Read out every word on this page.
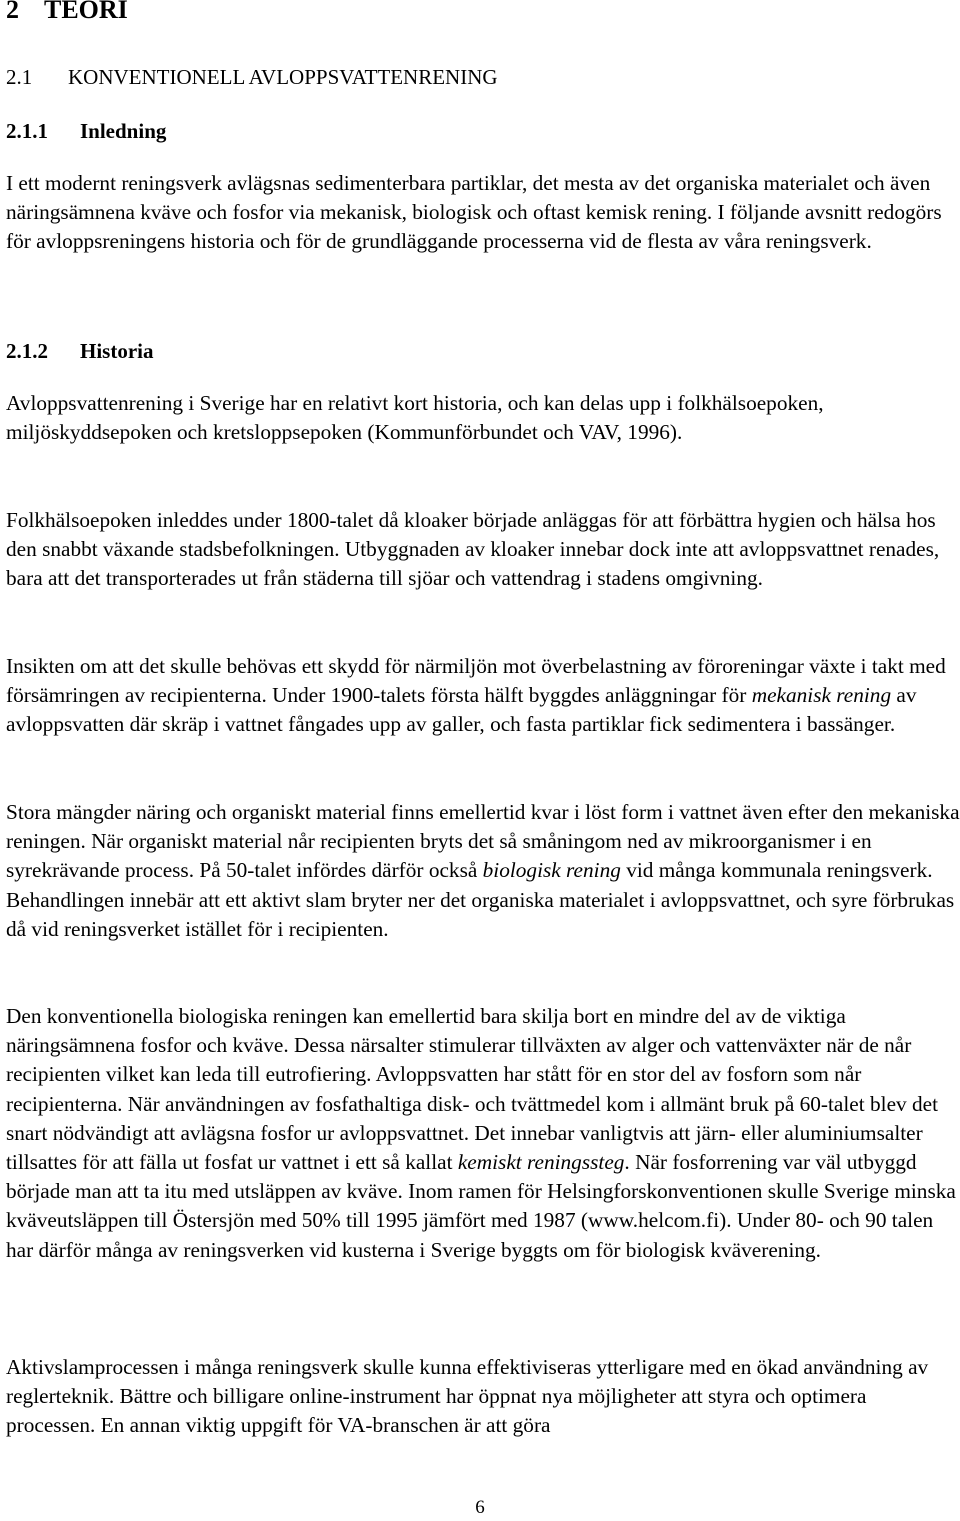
2 TEORI
2.1 KONVENTIONELL AVLOPPSVATTENRENING
2.1.1 Inledning

I ett modernt reningsverk avlägsnas sedimenterbara partiklar, det mesta av det organiska materialet och även näringsämnena kväve och fosfor via mekanisk, biologisk och oftast kemisk rening. I följande avsnitt redogörs för avloppsreningens historia och för de grundläggande processerna vid de flesta av våra reningsverk.

2.1.2 Historia

Avloppsvattenrening i Sverige har en relativt kort historia, och kan delas upp i folkhälsoepoken, miljöskyddsepoken och kretsloppsepoken (Kommunförbundet och VAV, 1996).

Folkhälsoepoken inleddes under 1800-talet då kloaker började anläggas för att förbättra hygien och hälsa hos den snabbt växande stadsbefolkningen. Utbyggnaden av kloaker innebar dock inte att avloppsvattnet renades, bara att det transporterades ut från städerna till sjöar och vattendrag i stadens omgivning.

Insikten om att det skulle behövas ett skydd för närmiljön mot överbelastning av föroreningar växte i takt med försämringen av recipienterna. Under 1900-talets första hälft byggdes anläggningar för mekanisk rening av avloppsvatten där skräp i vattnet fångades upp av galler, och fasta partiklar fick sedimentera i bassänger.

Stora mängder näring och organiskt material finns emellertid kvar i löst form i vattnet även efter den mekaniska reningen. När organiskt material når recipienten bryts det så småningom ned av mikroorganismer i en syrekrävande process. På 50-talet infördes därför också biologisk rening vid många kommunala reningsverk. Behandlingen innebär att ett aktivt slam bryter ner det organiska materialet i avloppsvattnet, och syre förbrukas då vid reningsverket istället för i recipienten.

Den konventionella biologiska reningen kan emellertid bara skilja bort en mindre del av de viktiga näringsämnena fosfor och kväve. Dessa närsalter stimulerar tillväxten av alger och vattenväxter när de når recipienten vilket kan leda till eutrofiering. Avloppsvatten har stått för en stor del av fosforn som når recipienterna. När användningen av fosfathaltiga disk- och tvättmedel kom i allmänt bruk på 60-talet blev det snart nödvändigt att avlägsna fosfor ur avloppsvattnet. Det innebar vanligtvis att järn- eller aluminiumsalter tillsattes för att fälla ut fosfat ur vattnet i ett så kallat kemiskt reningssteg. När fosforrening var väl utbyggd började man att ta itu med utsläppen av kväve. Inom ramen för Helsingforskonventionen skulle Sverige minska kväveutsläppen till Östersjön med 50% till 1995 jämfört med 1987 (www.helcom.fi). Under 80- och 90 talen har därför många av reningsverken vid kusterna i Sverige byggts om för biologisk kväverening.

Aktivslamprocessen i många reningsverk skulle kunna effektiviseras ytterligare med en ökad användning av reglerteknik. Bättre och billigare online-instrument har öppnat nya möjligheter att styra och optimera processen. En annan viktig uppgift för VA-branschen är att göra

6
